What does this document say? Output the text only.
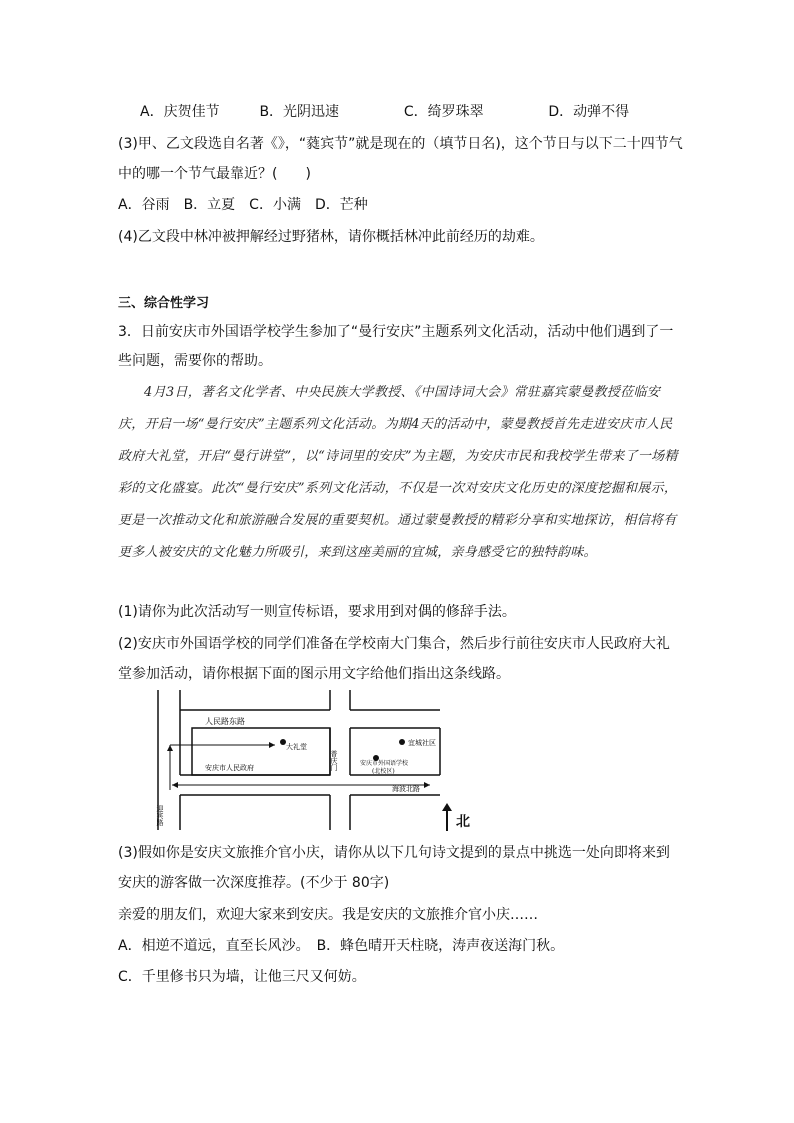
A．庆贺佳节	B．光阴迅速	C．绮罗珠翠	D．动弹不得
(3)甲、乙文段选自名著《》，“蕤宾节”就是现在的（填节日名)，这个节日与以下二十四节气
中的哪一个节气最靠近？(　　)
A．谷雨　B．立夏　C．小满　D．芒种
(4)乙文段中林冲被押解经过野猪林，请你概括林冲此前经历的劫难。
三、综合性学习
3．日前安庆市外国语学校学生参加了“曼行安庆”主题系列文化活动，活动中他们遇到了一
些问题，需要你的帮助。
4月3日，著名文化学者、中央民族大学教授、《中国诗词大会》常驻嘉宾蒙曼教授莅临安庆，开启一场“曼行安庆”主题系列文化活动。为期4天的活动中，蒙曼教授首先走进安庆市人民政府大礼堂，开启“曼行讲堂”，以“诗词里的安庆”为主题，为安庆市民和我校学生带来了一场精彩的文化盛宴。此次“曼行安庆”系列文化活动，不仅是一次对安庆文化历史的深度挖掘和展示，更是一次推动文化和旅游融合发展的重要契机。通过蒙曼教授的精彩分享和实地探访，相信将有更多人被安庆的文化魅力所吸引，来到这座美丽的宜城，亲身感受它的独特韵味。
(1)请你为此次活动写一则宣传标语，要求用到对偶的修辞手法。
(2)安庆市外国语学校的同学们准备在学校南大门集合，然后步行前往安庆市人民政府大礼
堂参加活动，请你根据下面的图示用文字给他们指出这条线路。
人民路东路
大礼堂
安庆市人民政府	普庆门
宜城社区
安庆市外国语学校
(北校区)
海波北路
迎宾路	北
(3)假如你是安庆文旅推介官小庆，请你从以下几句诗文提到的景点中挑选一处向即将来到
安庆的游客做一次深度推荐。(不少于 80字)
亲爱的朋友们，欢迎大家来到安庆。我是安庆的文旅推介官小庆……
A．相逆不道远，直至长风沙。　B．蜂色晴开天柱晓，涛声夜送海门秋。
C．千里修书只为墙，让他三尺又何妨。
